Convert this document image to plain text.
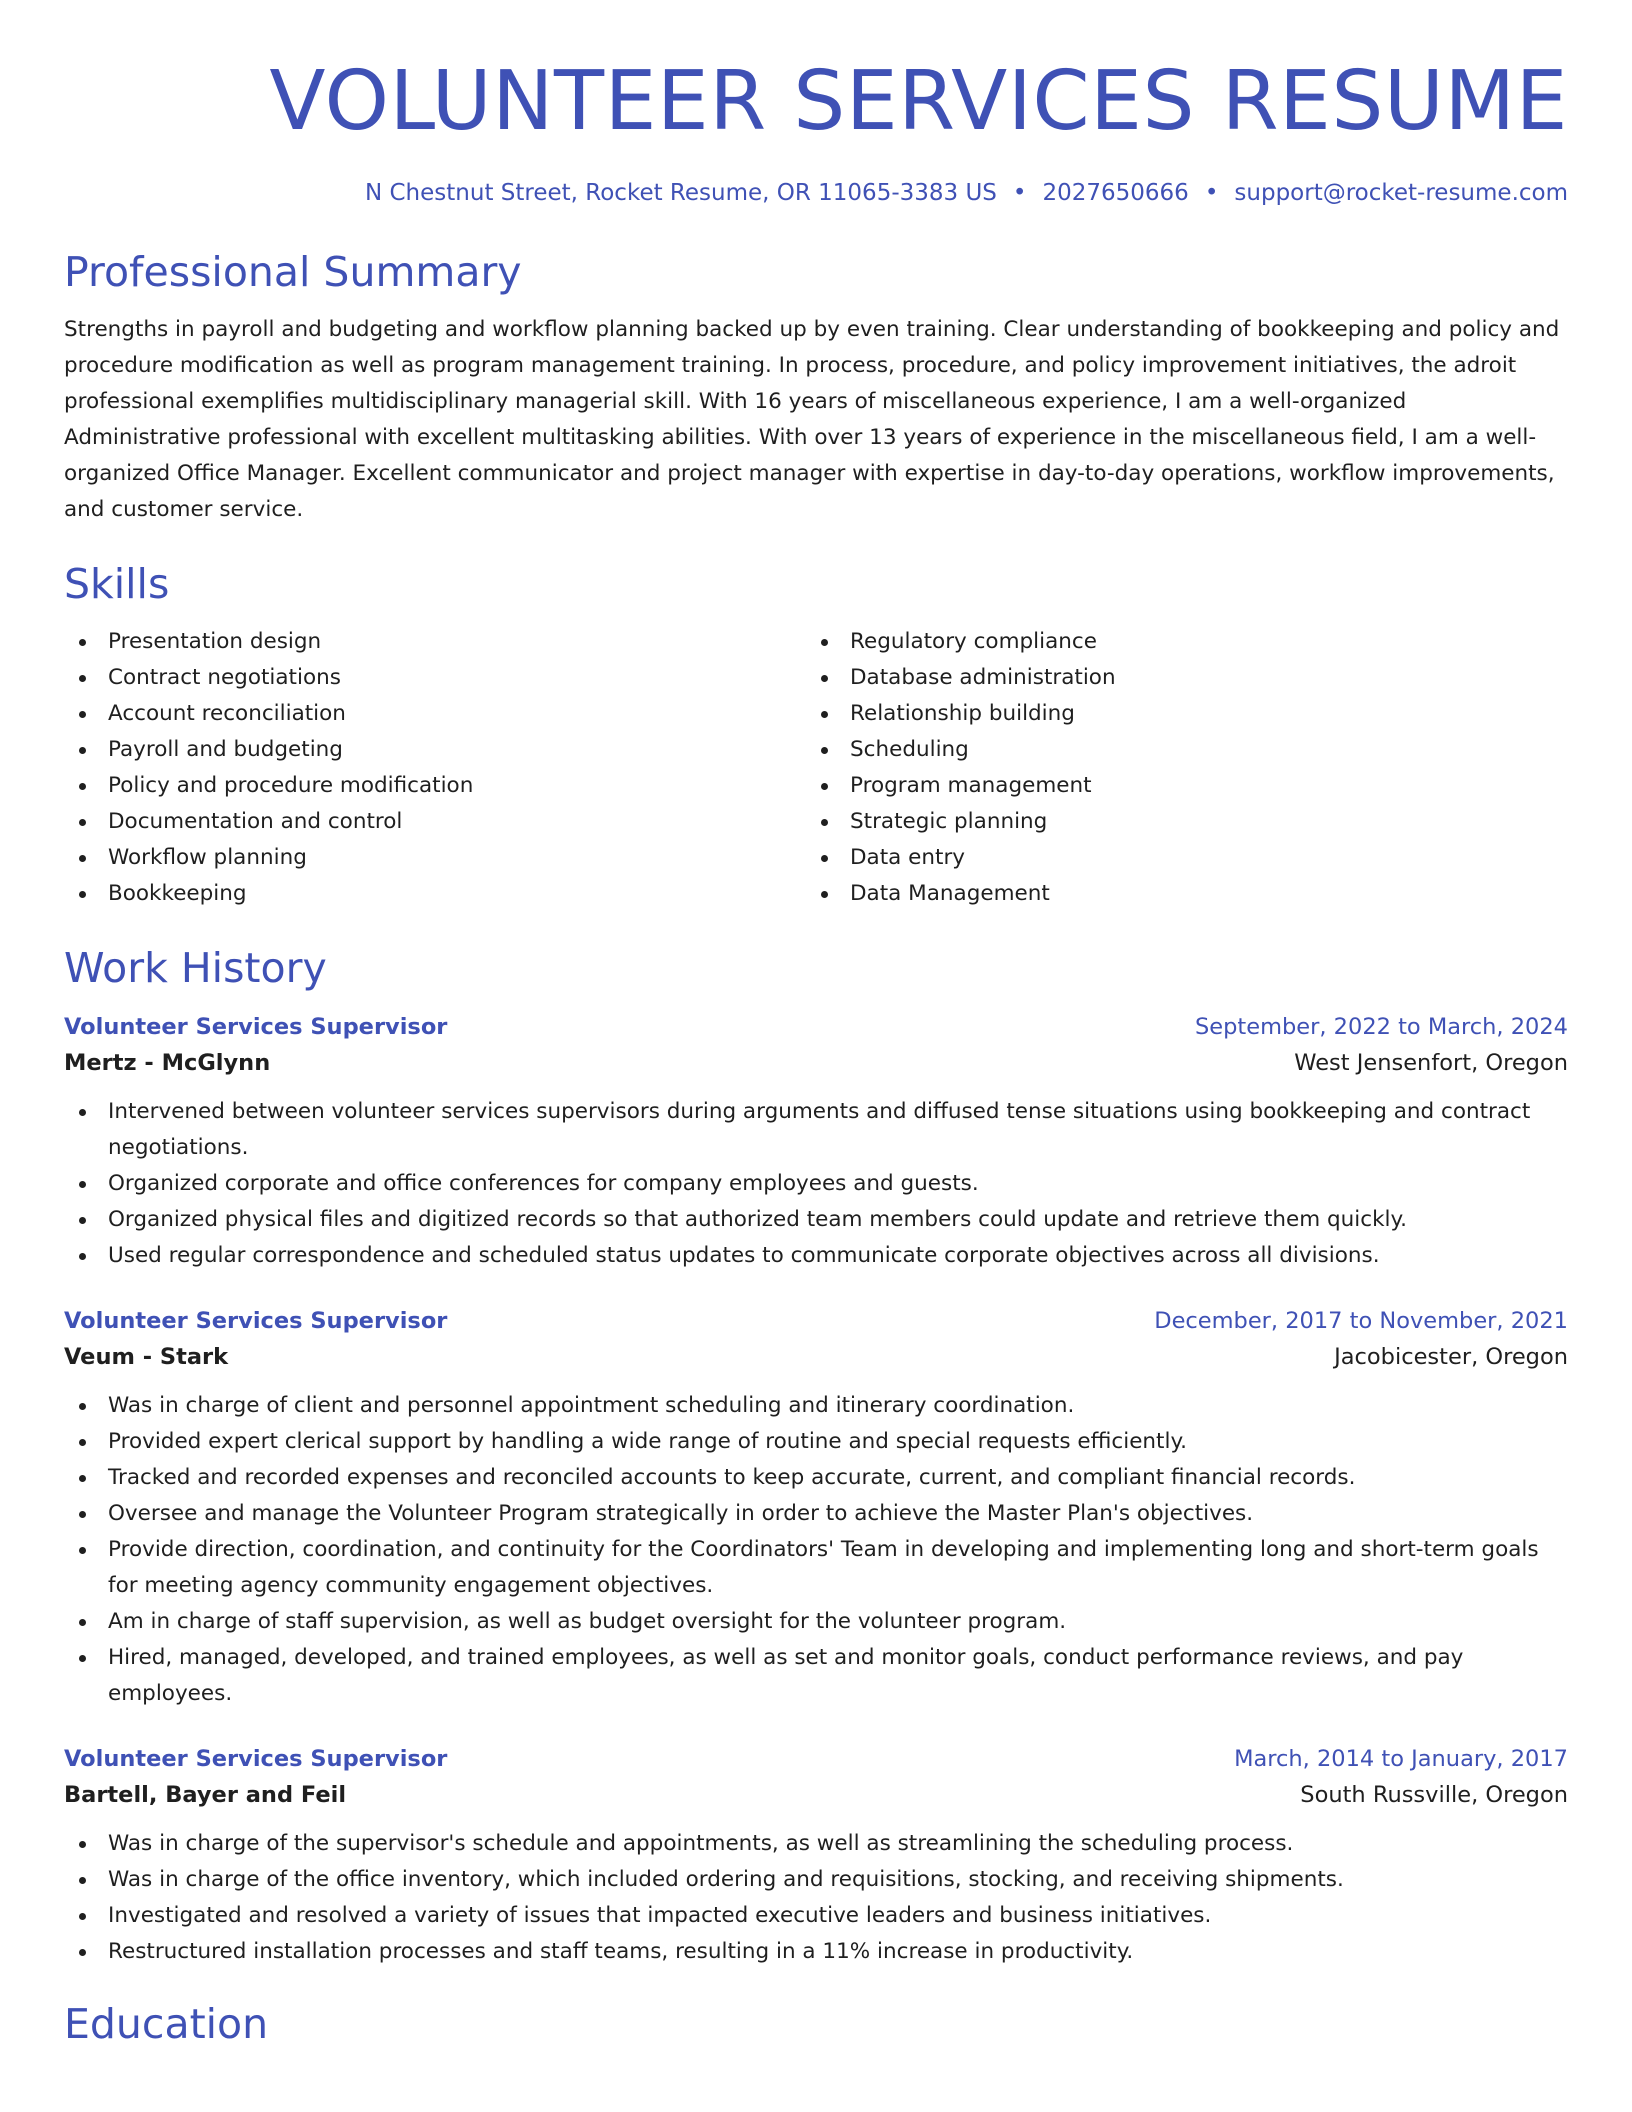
VOLUNTEER SERVICES RESUME
N Chestnut Street, Rocket Resume, OR 11065-3383 US • 2027650666 • support@rocket-resume.com
Professional Summary

Strengths in payroll and budgeting and workflow planning backed up by even training. Clear understanding of bookkeeping and policy and procedure modification as well as program management training. In process, procedure, and policy improvement initiatives, the adroit professional exemplifies multidisciplinary managerial skill. With 16 years of miscellaneous experience, I am a well-organized Administrative professional with excellent multitasking abilities. With over 13 years of experience in the miscellaneous field, I am a well-organized Office Manager. Excellent communicator and project manager with expertise in day-to-day operations, workflow improvements, and customer service.

Skills
Presentation design
Contract negotiations
Account reconciliation
Payroll and budgeting
Policy and procedure modification
Documentation and control
Workflow planning
Bookkeeping
Regulatory compliance
Database administration
Relationship building
Scheduling
Program management
Strategic planning
Data entry
Data Management
Work History
Volunteer Services Supervisor	September, 2022 to March, 2024
Mertz - McGlynn	West Jensenfort, Oregon
Intervened between volunteer services supervisors during arguments and diffused tense situations using bookkeeping and contract negotiations.
Organized corporate and office conferences for company employees and guests.
Organized physical files and digitized records so that authorized team members could update and retrieve them quickly.
Used regular correspondence and scheduled status updates to communicate corporate objectives across all divisions.
Volunteer Services Supervisor	December, 2017 to November, 2021
Veum - Stark	Jacobicester, Oregon
Was in charge of client and personnel appointment scheduling and itinerary coordination.
Provided expert clerical support by handling a wide range of routine and special requests efficiently.
Tracked and recorded expenses and reconciled accounts to keep accurate, current, and compliant financial records.
Oversee and manage the Volunteer Program strategically in order to achieve the Master Plan's objectives.
Provide direction, coordination, and continuity for the Coordinators' Team in developing and implementing long and short-term goals for meeting agency community engagement objectives.
Am in charge of staff supervision, as well as budget oversight for the volunteer program.
Hired, managed, developed, and trained employees, as well as set and monitor goals, conduct performance reviews, and pay employees.
Volunteer Services Supervisor	March, 2014 to January, 2017
Bartell, Bayer and Feil	South Russville, Oregon
Was in charge of the supervisor's schedule and appointments, as well as streamlining the scheduling process.
Was in charge of the office inventory, which included ordering and requisitions, stocking, and receiving shipments.
Investigated and resolved a variety of issues that impacted executive leaders and business initiatives.
Restructured installation processes and staff teams, resulting in a 11% increase in productivity.
Education
